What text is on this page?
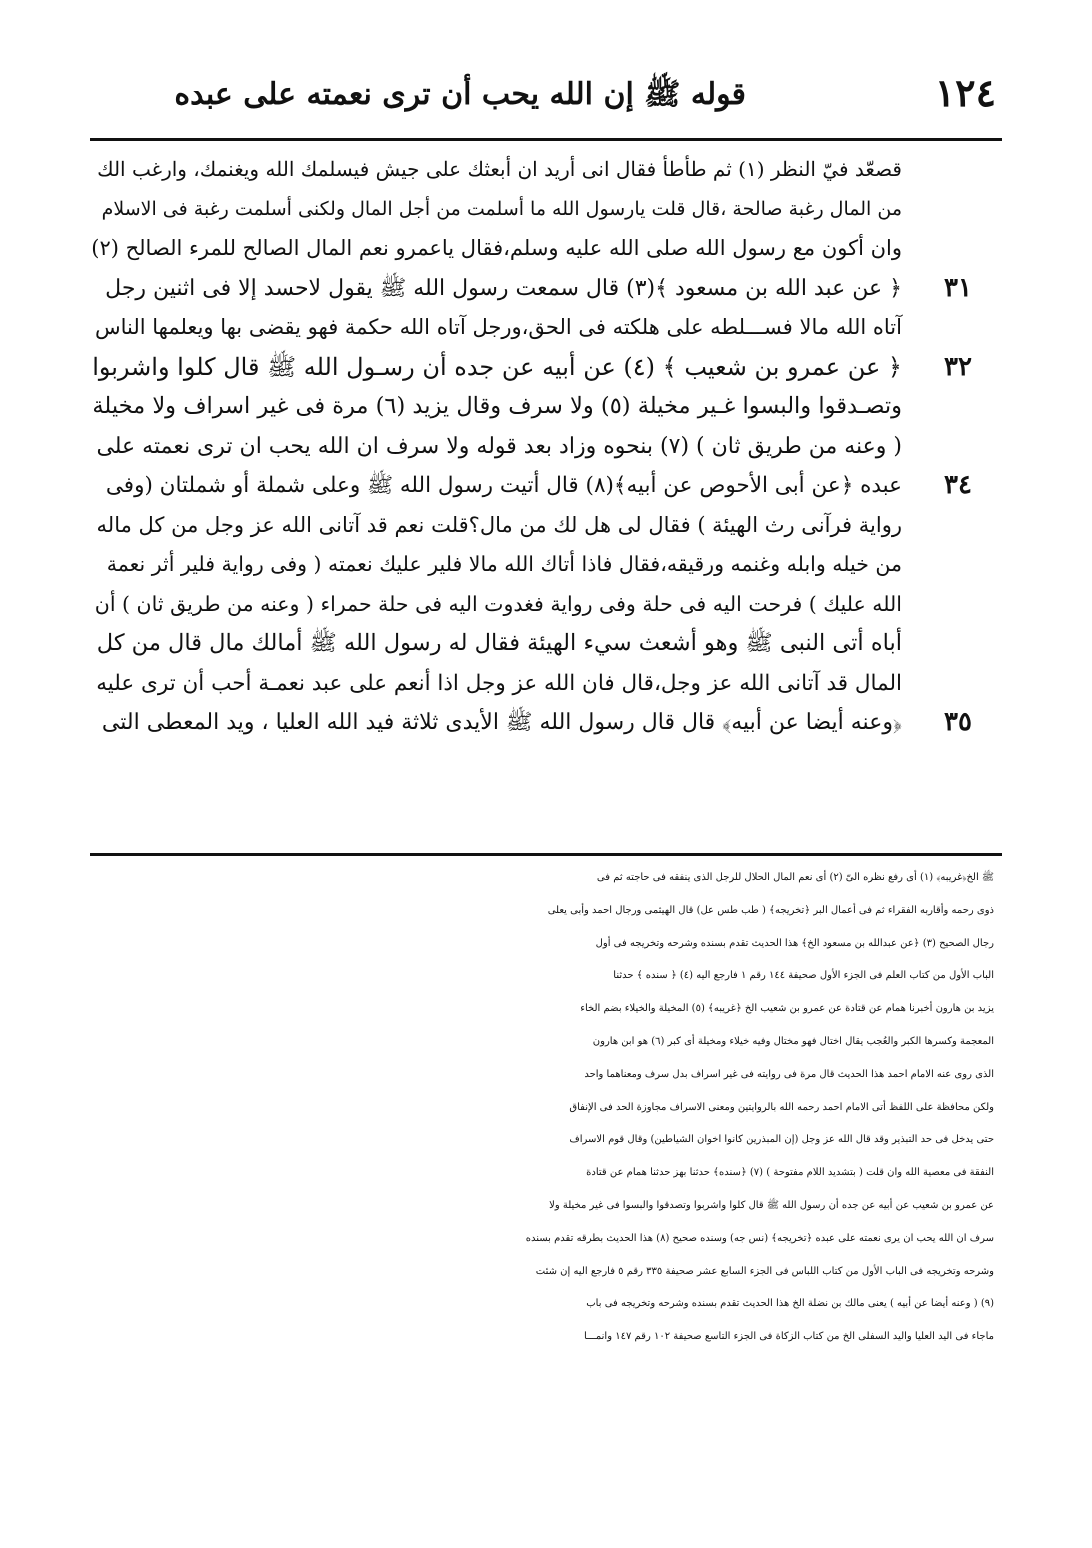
١٢٤
قوله ﷺ إن الله يحب أن ترى نعمته على عبده
قصعّد فيّ النظر (١) ثم طأطأ فقال انى أريد ان أبعثك على جيش فيسلمك الله ويغنمك، وارغب الك
من المال رغبة صالحة ،قال قلت يارسول الله ما أسلمت من أجل المال ولكنى أسلمت رغبة فى الاسلام
وان أكون مع رسول الله صلى الله عليه وسلم،فقال ياعمرو نعم المال الصالح للمرء الصالح (٢)
٣١
﴿ عن عبد الله بن مسعود ﴾(٣) قال سمعت رسول الله ﷺ يقول لاحسد إلا فى اثنين رجل
آتاه الله مالا فســـلطه على هلكته فى الحق،ورجل آتاه الله حكمة فهو يقضى بها ويعلمها الناس
٣٢
﴿ عن عمرو بن شعيب ﴾ (٤) عن أبيه عن جده أن رسـول الله ﷺ قال كلوا واشربوا
وتصـدقوا والبسوا غـير مخيلة (٥) ولا سرف وقال يزيد (٦) مرة فى غير اسراف ولا مخيلة
( وعنه من طريق ثان ) (٧) بنحوه وزاد بعد قوله ولا سرف ان الله يحب ان ترى نعمته على
٣٤
عبده ﴿عن أبى الأحوص عن أبيه﴾(٨) قال أتيت رسول الله ﷺ وعلى شملة أو شملتان (وفى
رواية فرآنى رث الهيئة ) فقال لى هل لك من مال؟قلت نعم قد آتانى الله عز وجل من كل ماله
من خيله وابله وغنمه ورقيقه،فقال فاذا أتاك الله مالا فلير عليك نعمته ( وفى رواية فلير أثر نعمة
الله عليك ) فرحت اليه فى حلة وفى رواية فغدوت اليه فى حلة حمراء ( وعنه من طريق ثان ) أن
أباه أتى النبى ﷺ وهو أشعث سيء الهيئة فقال له رسول الله ﷺ أمالك مال قال من كل
المال قد آتانى الله عز وجل،قال فان الله عز وجل اذا أنعم على عبد نعمـة أحب أن ترى عليه
٣٥
﴿وعنه أيضا عن أبيه﴾ قال قال رسول الله ﷺ الأيدى ثلاثة فيد الله العليا ، ويد المعطى التى
ﷺ الخ﴿غريبه﴾ (١) أى رفع نظره الىّ (٢) أى نعم المال الحلال للرجل الذى ينفقه فى حاجته ثم فى
ذوى رحمه وأقاربه الفقراء ثم فى أعمال البر ﴿تخريجه﴾ ( طب طس عل) قال الهيثمى ورجال احمد وأبى يعلى
رجال الصحيح (٣) ﴿عن عبدالله بن مسعود الخ﴾ هذا الحديث تقدم بسنده وشرحه وتخريجه فى أول
الباب الأول من كتاب العلم فى الجزء الأول صحيفة ١٤٤ رقم ١ فارجع اليه (٤) ﴿ سنده ﴾ حدثنا
يزيد بن هارون أخبرنا همام عن قتادة عن عمرو بن شعيب الخ ﴿غريبه﴾ (٥) المخيلة والخيلاء بضم الخاء
المعجمة وكسرها الكبر والعُجب يقال اختال فهو مختال وفيه خيلاء ومخيلة أى كبر (٦) هو ابن هارون
الذى روى عنه الامام احمد هذا الحديث قال مرة فى روايته فى غير اسراف بدل سرف ومعناهما واحد
ولكن محافظة على اللفظ أتى الامام احمد رحمه الله بالروايتين ومعنى الاسراف مجاوزة الحد فى الإنفاق
حتى يدخل فى حد التبذير وقد قال الله عز وجل (إن المبذرين كانوا اخوان الشياطين) وقال قوم الاسراف
النفقة فى معصية الله وان قلت ( بتشديد اللام مفتوحة ) (٧) ﴿سنده﴾ حدثنا بهز حدثنا همام عن قتادة
عن عمرو بن شعيب عن أبيه عن جده أن رسول الله ﷺ قال كلوا واشربوا وتصدقوا والبسوا فى غير مخيلة ولا
سرف ان الله يحب ان يرى نعمته على عبده ﴿تخريجه﴾ (نس جه) وسنده صحيح (٨) هذا الحديث بطرقه تقدم بسنده
وشرحه وتخريجه فى الباب الأول من كتاب اللباس فى الجزء السابع عشر صحيفة ٣٣٥ رقم ٥ فارجع اليه إن شئت
(٩) ( وعنه أيضا عن أبيه ) يعنى مالك بن نضلة الخ هذا الحديث تقدم بسنده وشرحه وتخريجه فى باب
ماجاء فى اليد العليا واليد السفلى الخ من كتاب الزكاة فى الجزء التاسع صحيفة ١٠٢ رقم ١٤٧ وانمـــا
